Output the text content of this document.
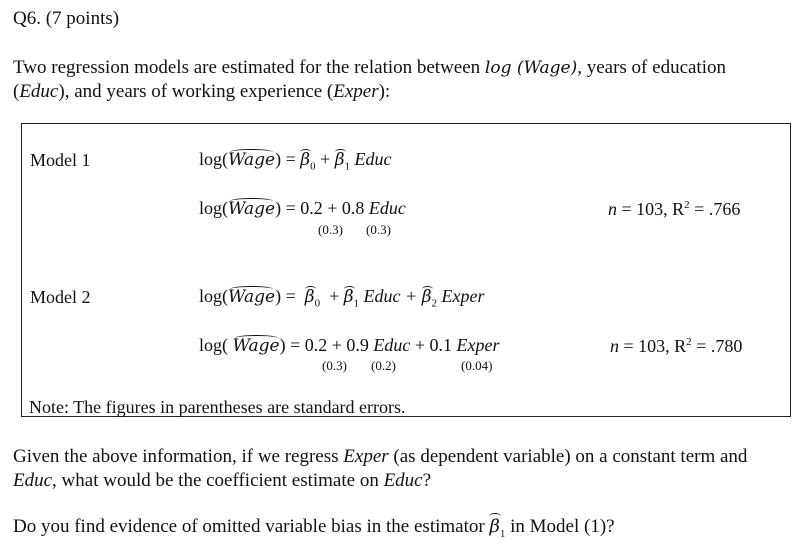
Q6. (7 points)
Two regression models are estimated for the relation between log (Wage), years of education
(Educ), and years of working experience (Exper):
Model 1	log(Wage) = $\beta_0 + \beta_1$ Educ
log(Wage) = 0.2 + 0.8 Educ
(0.3) (0.3)
n = 103, $R^2 = .766$
Model 2	log(Wage) =  $\beta_0 + \beta_1$ Educ + $\beta_2$ Exper
log( Wage) = 0.2 + 0.9 Educ + 0.1 Exper
(0.3) (0.2)	(0.04)
n = 103, $R^2 = .780$
Note: The figures in parentheses are standard errors.
Given the above information, if we regress Exper (as dependent variable) on a constant term and
Educ, what would be the coefficient estimate on Educ?
Do you find evidence of omitted variable bias in the estimator $\beta_1$ in Model (1)?
